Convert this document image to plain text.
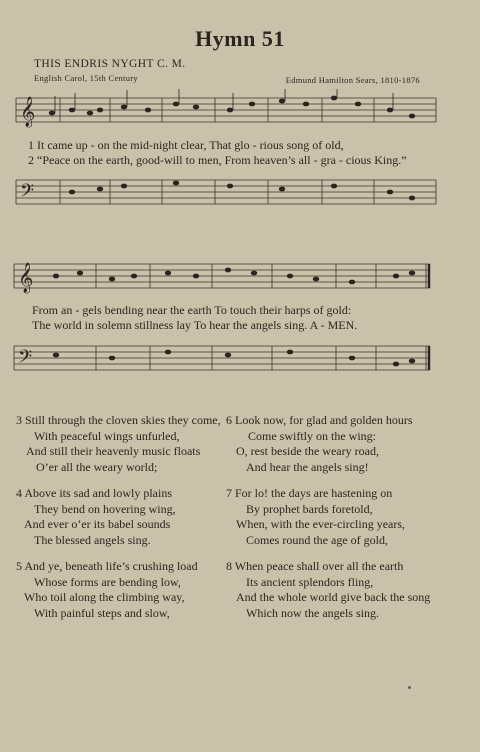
Hymn 51
THIS ENDRIS NYGHT C. M.
English Carol, 15th Century	Edmund Hamilton Sears, 1810-1876
𝄞
1 It came up - on the mid-night clear, That glo - rious song of old,
2 “Peace on the earth, good-will to men, From heaven’s all - gra - cious King.”
𝄢
𝄞
From an - gels bending near the earth To touch their harps of gold:
The world in solemn stillness lay To hear the angels sing. A - MEN.
𝄢
3 Still through the cloven skies they come,
With peaceful wings unfurled,
And still their heavenly music floats
O’er all the weary world;
6 Look now, for glad and golden hours
Come swiftly on the wing:
O, rest beside the weary road,
And hear the angels sing!
4 Above its sad and lowly plains
They bend on hovering wing,
And ever o’er its babel sounds
The blessed angels sing.
7 For lo! the days are hastening on
By prophet bards foretold,
When, with the ever-circling years,
Comes round the age of gold,
5 And ye, beneath life’s crushing load
Whose forms are bending low,
Who toil along the climbing way,
With painful steps and slow,
8 When peace shall over all the earth
Its ancient splendors fling,
And the whole world give back the song
Which now the angels sing.
